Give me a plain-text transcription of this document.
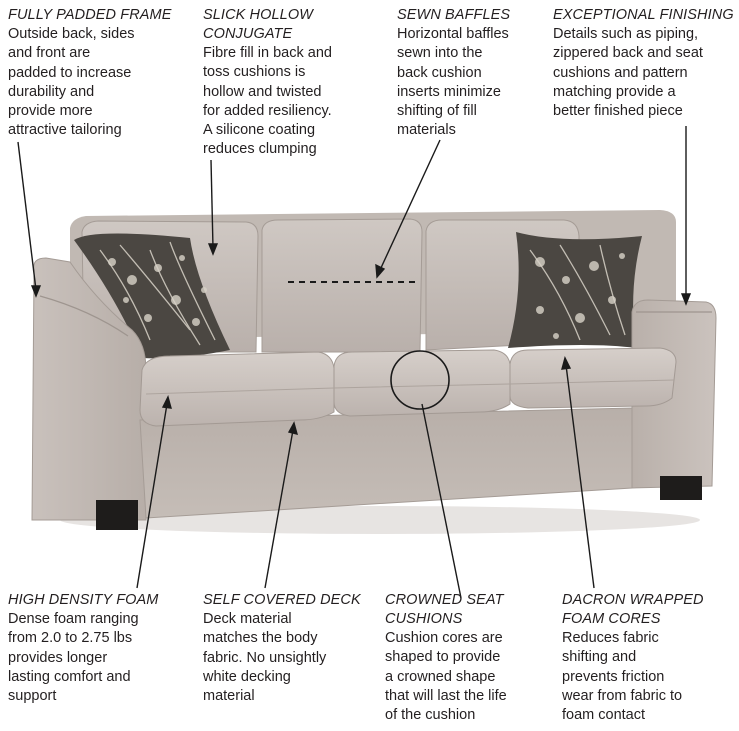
FULLY PADDED FRAME
Outside back, sides
and front are
padded to increase
durability and
provide more
attractive tailoring
SLICK HOLLOW
CONJUGATE
Fibre fill in back and
toss cushions is
hollow and twisted
for added resiliency.
A silicone coating
reduces clumping
SEWN BAFFLES
Horizontal baffles
sewn into the
back cushion
inserts minimize
shifting of fill
materials
EXCEPTIONAL FINISHING
Details such as piping,
zippered back and seat
cushions and pattern
matching provide a
better finished piece
HIGH DENSITY FOAM
Dense foam ranging
from 2.0 to 2.75 lbs
provides longer
lasting comfort and
support
SELF COVERED DECK
Deck material
matches the body
fabric. No unsightly
white decking
material
CROWNED SEAT
CUSHIONS
Cushion cores are
shaped to provide
a crowned shape
that will last the life
of the cushion
DACRON WRAPPED
FOAM CORES
Reduces fabric
shifting and
prevents friction
wear from fabric to
foam contact
